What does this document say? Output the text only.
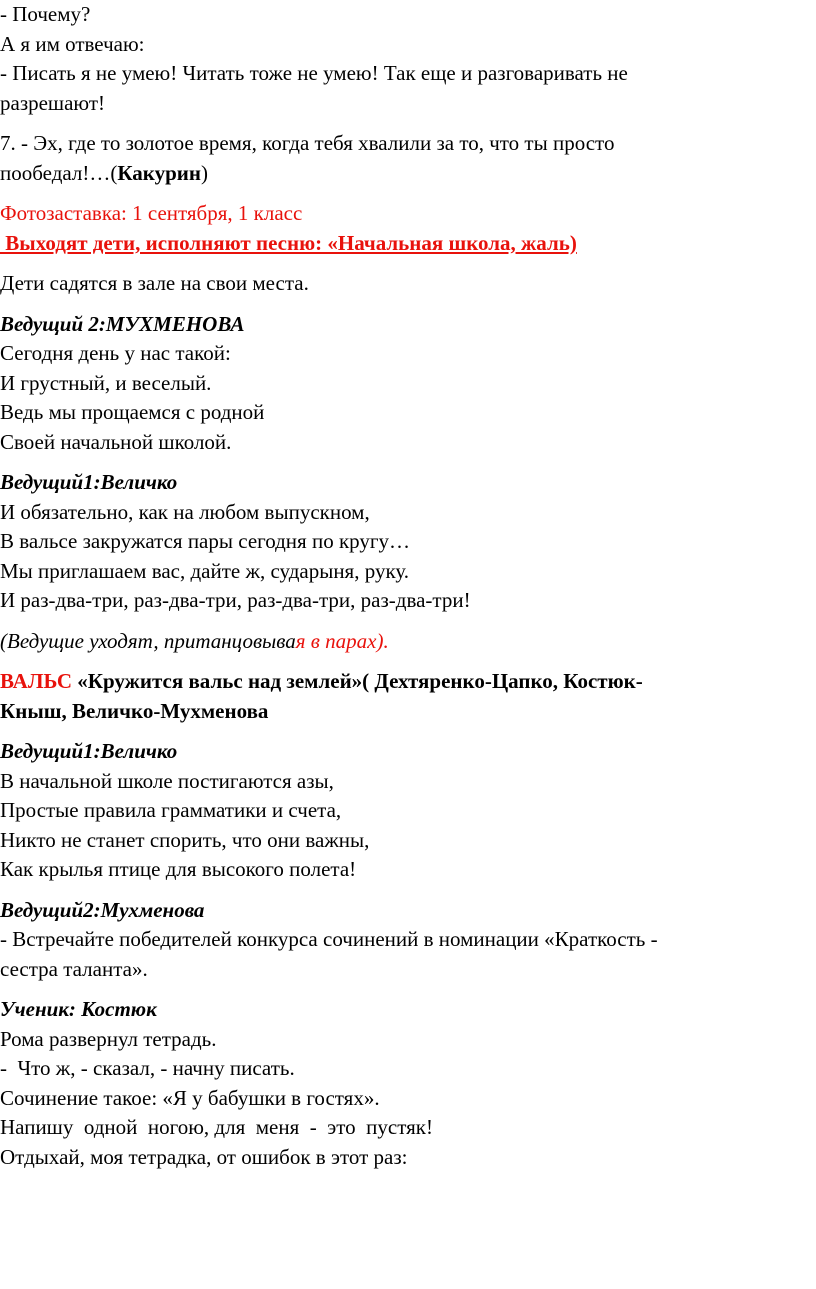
- Почему?

А я им отвечаю:

- Писать я не умею! Читать тоже не умею! Так еще и разговаривать не

разрешают!

7. - Эх, где то золотое время, когда тебя хвалили за то, что ты просто

пообедал!…(Какурин)

Фотозаставка: 1 сентября, 1 класс

Выходят дети, исполняют песню: «Начальная школа, жаль)

Дети садятся в зале на свои места.

Ведущий 2:МУХМЕНОВА

Сегодня день у нас такой:

И грустный, и веселый.

Ведь мы прощаемся с родной

Своей начальной школой.

Ведущий1:Величко

И обязательно, как на любом выпускном,

В вальсе закружатся пары сегодня по кругу…

Мы приглашаем вас, дайте ж, сударыня, руку.

И раз-два-три, раз-два-три, раз-два-три, раз-два-три!

(Ведущие уходят, пританцовывая в парах).

ВАЛЬС «Кружится вальс над землей»( Дехтяренко-Цапко, Костюк-

Кныш, Величко-Мухменова

Ведущий1:Величко

В начальной школе постигаются азы,

Простые правила грамматики и счета,

Никто не станет спорить, что они важны,

Как крылья птице для высокого полета!

Ведущий2:Мухменова

- Встречайте победителей конкурса сочинений в номинации «Краткость -

сестра таланта».

Ученик: Костюк

Рома развернул тетрадь.

-  Что ж, - сказал, - начну писать.

Сочинение такое: «Я у бабушки в гостях».

Напишу  одной  ногою, для  меня  -  это  пустяк!

Отдыхай, моя тетрадка, от ошибок в этот раз:
